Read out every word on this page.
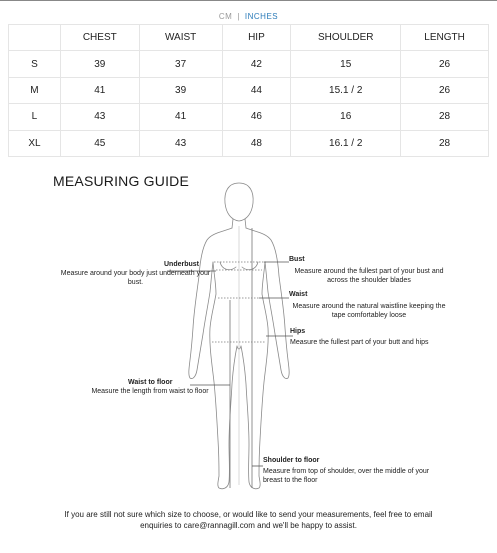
CM | INCHES
	CHEST	WAIST	HIP	SHOULDER	LENGTH
S	39	37	42	15	26
M	41	39	44	15.1 / 2	26
L	43	41	46	16	28
XL	45	43	48	16.1 / 2	28
MEASURING GUIDE
Underbust
Measure around your body just underneath your bust.
Bust
Measure around the fullest part of your bust and across the shoulder blades
Waist
Measure around the natural waistline keeping the tape comfortabley loose
Hips
Measure the fullest part of your butt and hips
Waist to floor
Measure the length from waist to floor
Shoulder to floor
Measure from top of shoulder, over the middle of your breast to the floor
If you are still not sure which size to choose, or would like to send your measurements, feel free to email
enquiries to care@rannagill.com and we'll be happy to assist.
